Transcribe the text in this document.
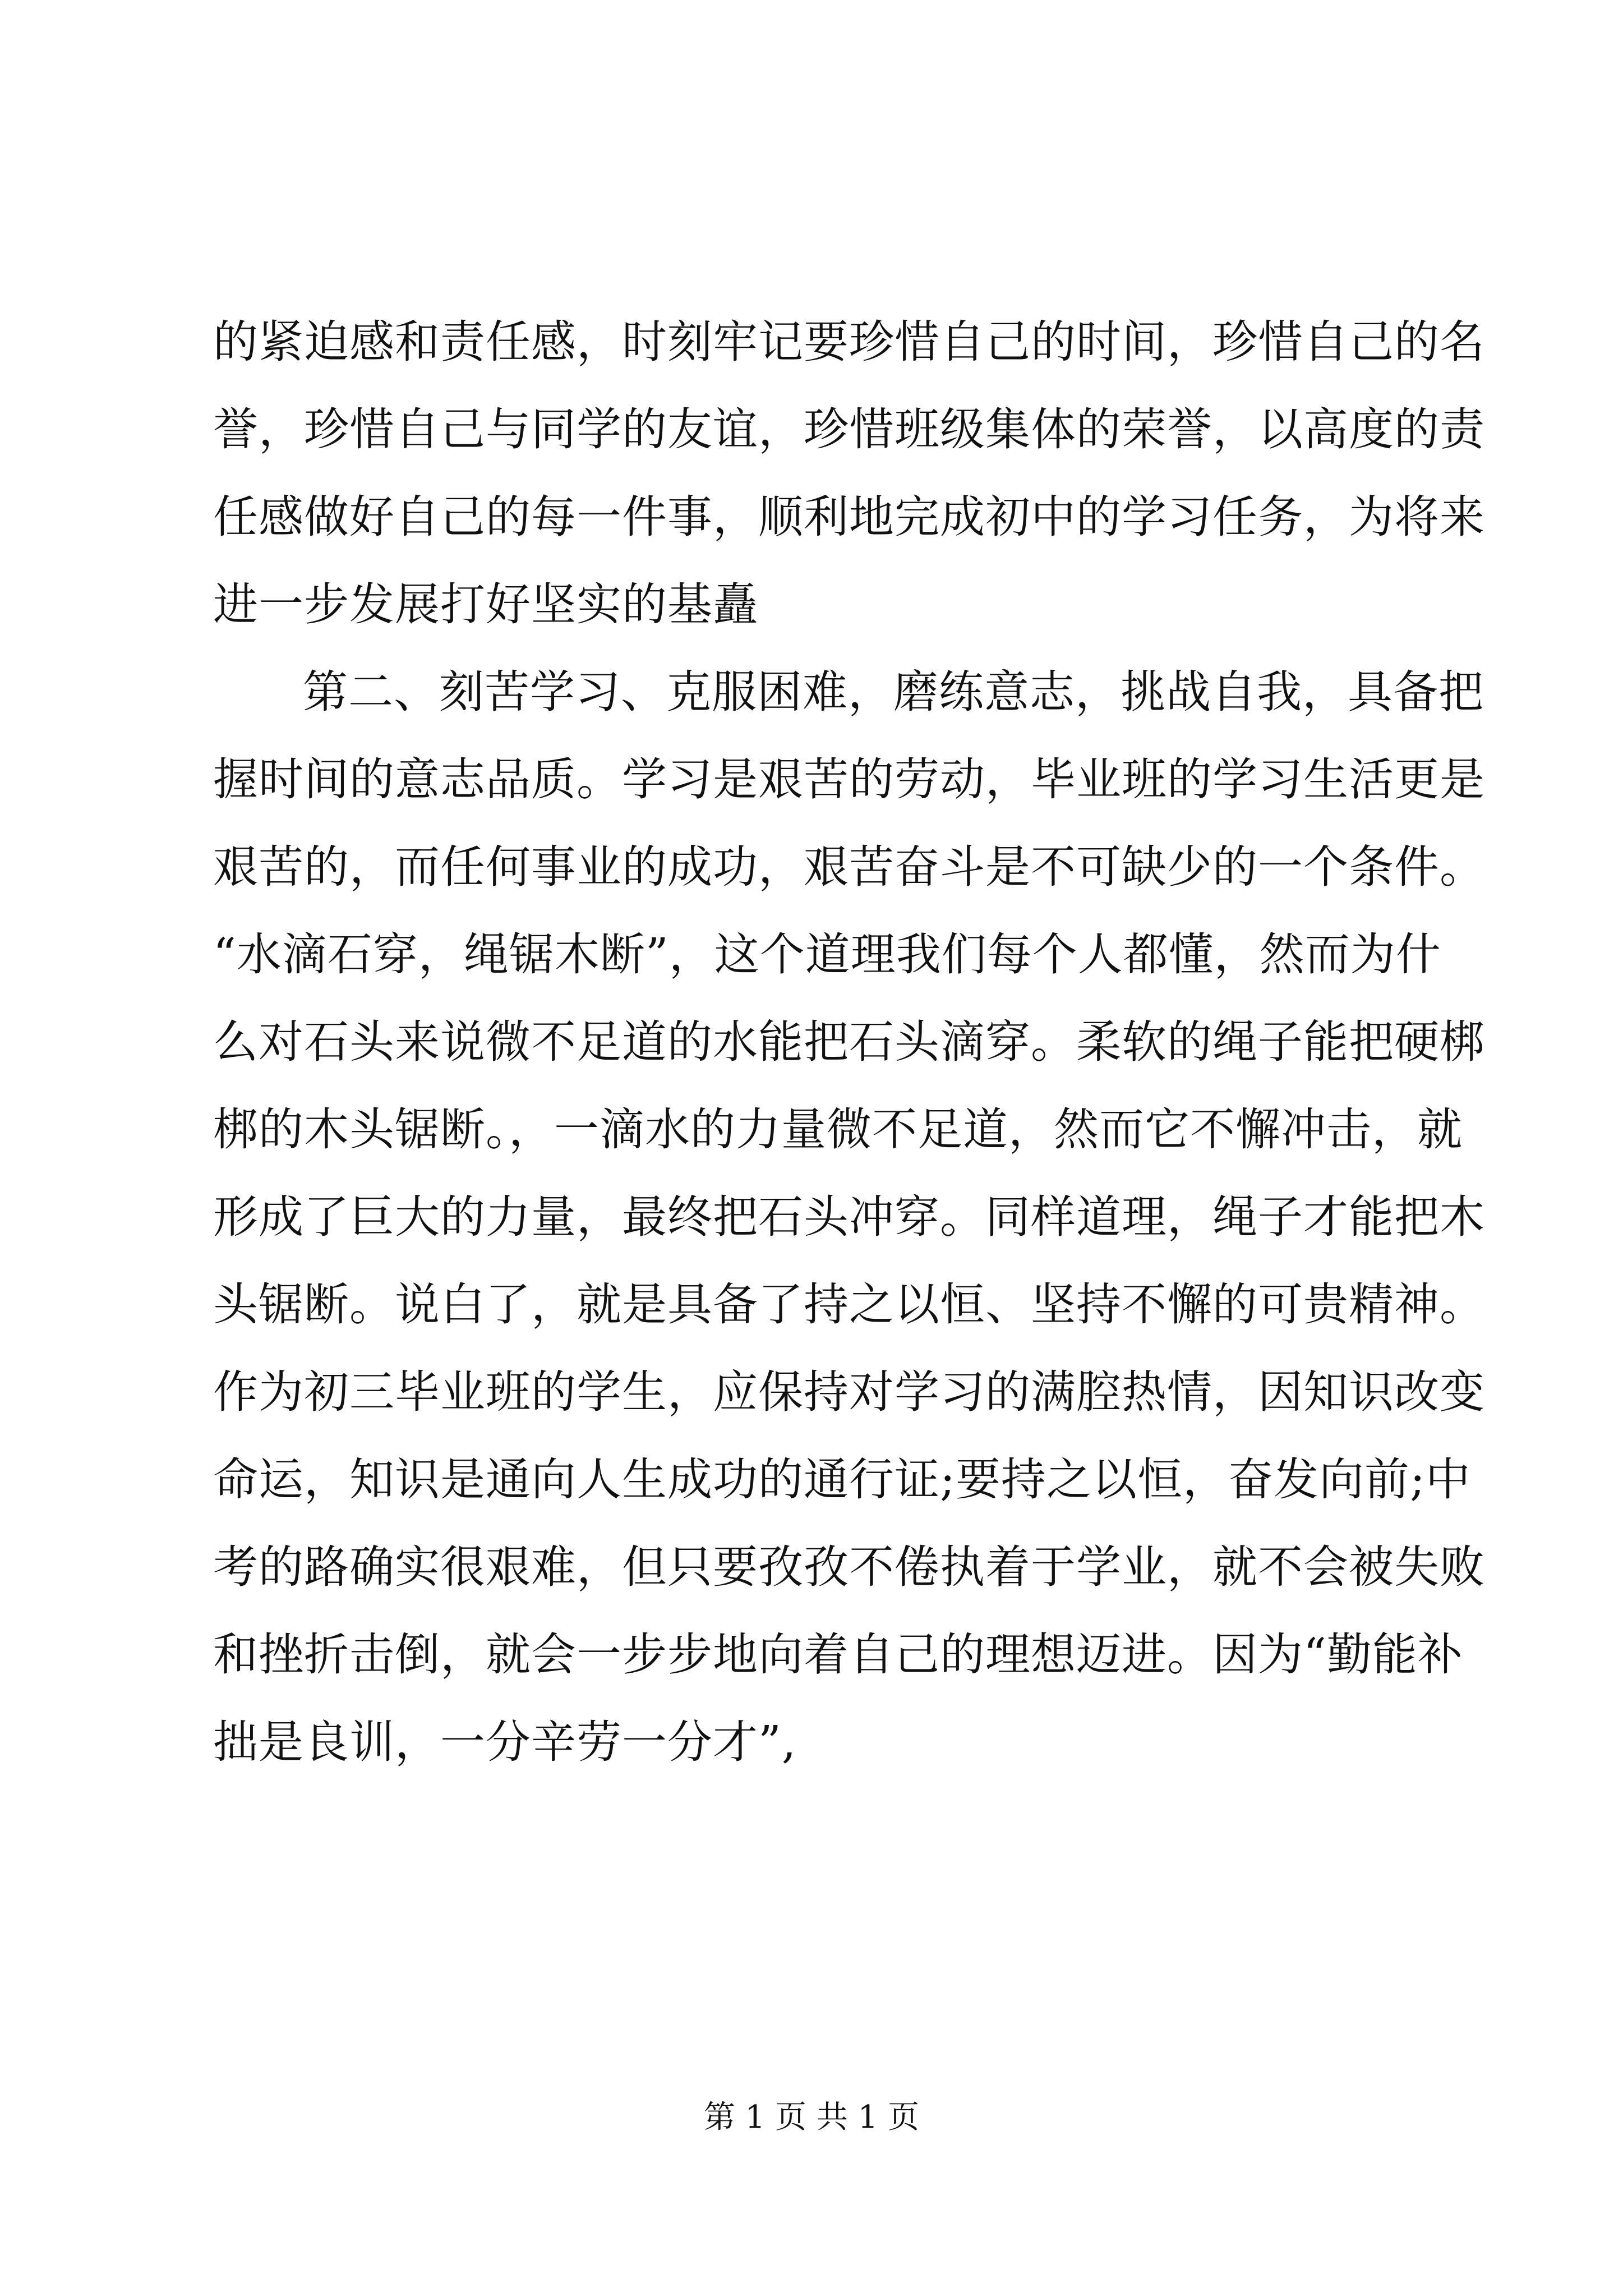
的紧迫感和责任感，时刻牢记要珍惜自己的时间，珍惜自己的名
誉，珍惜自己与同学的友谊，珍惜班级集体的荣誉，以高度的责
任感做好自己的每一件事，顺利地完成初中的学习任务，为将来
进一步发展打好坚实的基矗
第二、刻苦学习、克服困难，磨练意志，挑战自我，具备把
握时间的意志品质。学习是艰苦的劳动，毕业班的学习生活更是
艰苦的，而任何事业的成功，艰苦奋斗是不可缺少的一个条件。
“水滴石穿，绳锯木断”，这个道理我们每个人都懂，然而为什
么对石头来说微不足道的水能把石头滴穿。柔软的绳子能把硬梆
梆的木头锯断。，一滴水的力量微不足道，然而它不懈冲击，就
形成了巨大的力量，最终把石头冲穿。同样道理，绳子才能把木
头锯断。说白了，就是具备了持之以恒、坚持不懈的可贵精神。
作为初三毕业班的学生，应保持对学习的满腔热情，因知识改变
命运，知识是通向人生成功的通行证;要持之以恒，奋发向前;中
考的路确实很艰难，但只要孜孜不倦执着于学业，就不会被失败
和挫折击倒，就会一步步地向着自己的理想迈进。因为“勤能补
拙是良训，一分辛劳一分才”,
第 1 页 共 1 页
